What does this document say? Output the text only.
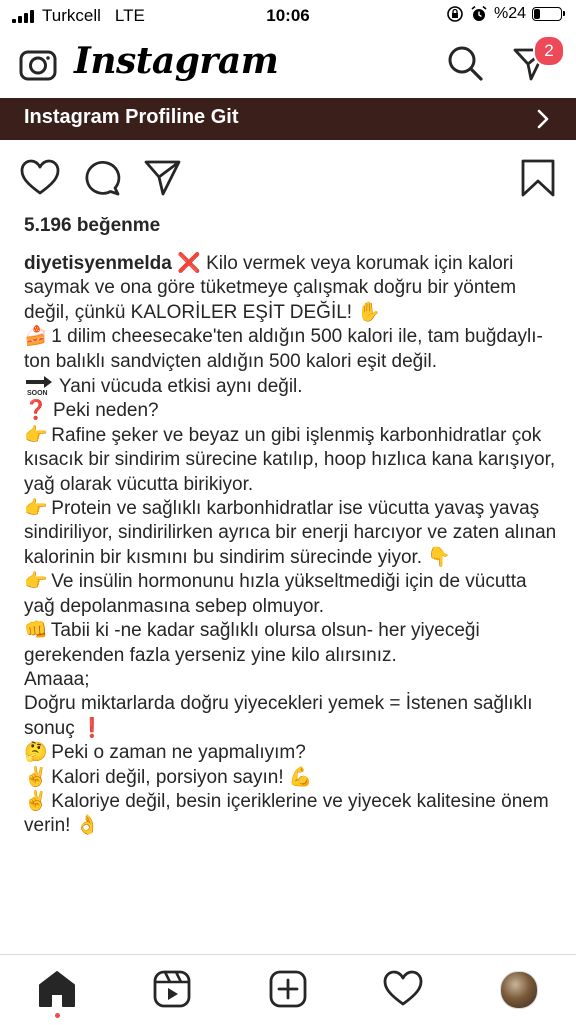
Turkcell LTE	10:06	%24
Instagram	2
Instagram Profiline Git
5.196 beğenme

diyetisyenmelda ❌ Kilo vermek veya korumak için kalori saymak ve ona göre tüketmeye çalışmak doğru bir yöntem değil, çünkü KALORİLER EŞİT DEĞİL! ✋

🍰 1 dilim cheesecake'ten aldığın 500 kalori ile, tam buğdaylı-ton balıklı sandviçten aldığın 500 kalori eşit değil.

SOON Yani vücuda etkisi aynı değil.

❓ Peki neden?

👉 Rafine şeker ve beyaz un gibi işlenmiş karbonhidratlar çok kısacık bir sindirim sürecine katılıp, hoop hızlıca kana karışıyor, yağ olarak vücutta birikiyor.

👉 Protein ve sağlıklı karbonhidratlar ise vücutta yavaş yavaş sindiriliyor, sindirilirken ayrıca bir enerji harcıyor ve zaten alınan kalorinin bir kısmını bu sindirim sürecinde yiyor. 👇

👉 Ve insülin hormonunu hızla yükseltmediği için de vücutta yağ depolanmasına sebep olmuyor.

👊 Tabii ki -ne kadar sağlıklı olursa olsun- her yiyeceği gerekenden fazla yerseniz yine kilo alırsınız.

Amaaa;

Doğru miktarlarda doğru yiyecekleri yemek = İstenen sağlıklı sonuç ❗

🤔 Peki o zaman ne yapmalıyım?

✌ Kalori değil, porsiyon sayın! 💪

✌ Kaloriye değil, besin içeriklerine ve yiyecek kalitesine önem verin! 👌
